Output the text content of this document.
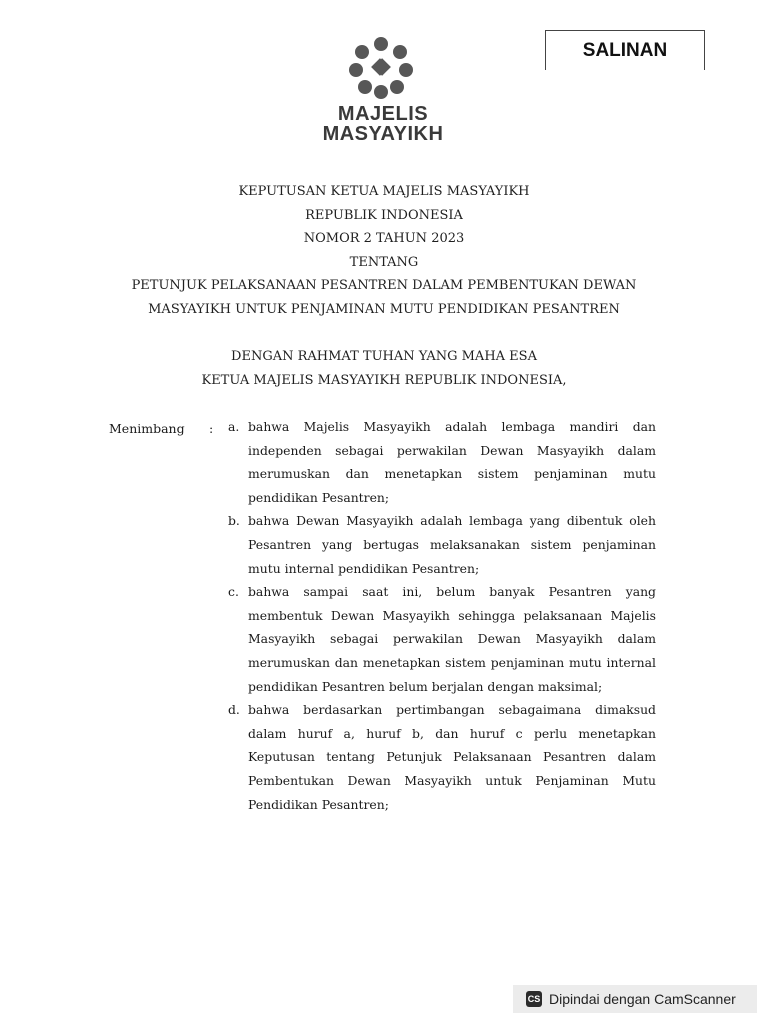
SALINAN
MAJELIS
MASYAYIKH
KEPUTUSAN KETUA MAJELIS MASYAYIKH
REPUBLIK INDONESIA
NOMOR 2 TAHUN 2023
TENTANG
PETUNJUK PELAKSANAAN PESANTREN DALAM PEMBENTUKAN DEWAN
MASYAYIKH UNTUK PENJAMINAN MUTU PENDIDIKAN PESANTREN
DENGAN RAHMAT TUHAN YANG MAHA ESA
KETUA MAJELIS MASYAYIKH REPUBLIK INDONESIA,
Menimbang : a. bahwa Majelis Masyayikh adalah lembaga mandiri dan independen sebagai perwakilan Dewan Masyayikh dalam merumuskan dan menetapkan sistem penjaminan mutu pendidikan Pesantren;
b. bahwa Dewan Masyayikh adalah lembaga yang dibentuk oleh Pesantren yang bertugas melaksanakan sistem penjaminan mutu internal pendidikan Pesantren;
c. bahwa sampai saat ini, belum banyak Pesantren yang membentuk Dewan Masyayikh sehingga pelaksanaan Majelis Masyayikh sebagai perwakilan Dewan Masyayikh dalam merumuskan dan menetapkan sistem penjaminan mutu internal pendidikan Pesantren belum berjalan dengan maksimal;
d. bahwa berdasarkan pertimbangan sebagaimana dimaksud dalam huruf a, huruf b, dan huruf c perlu menetapkan Keputusan tentang Petunjuk Pelaksanaan Pesantren dalam Pembentukan Dewan Masyayikh untuk Penjaminan Mutu Pendidikan Pesantren;
CS Dipindai dengan CamScanner
